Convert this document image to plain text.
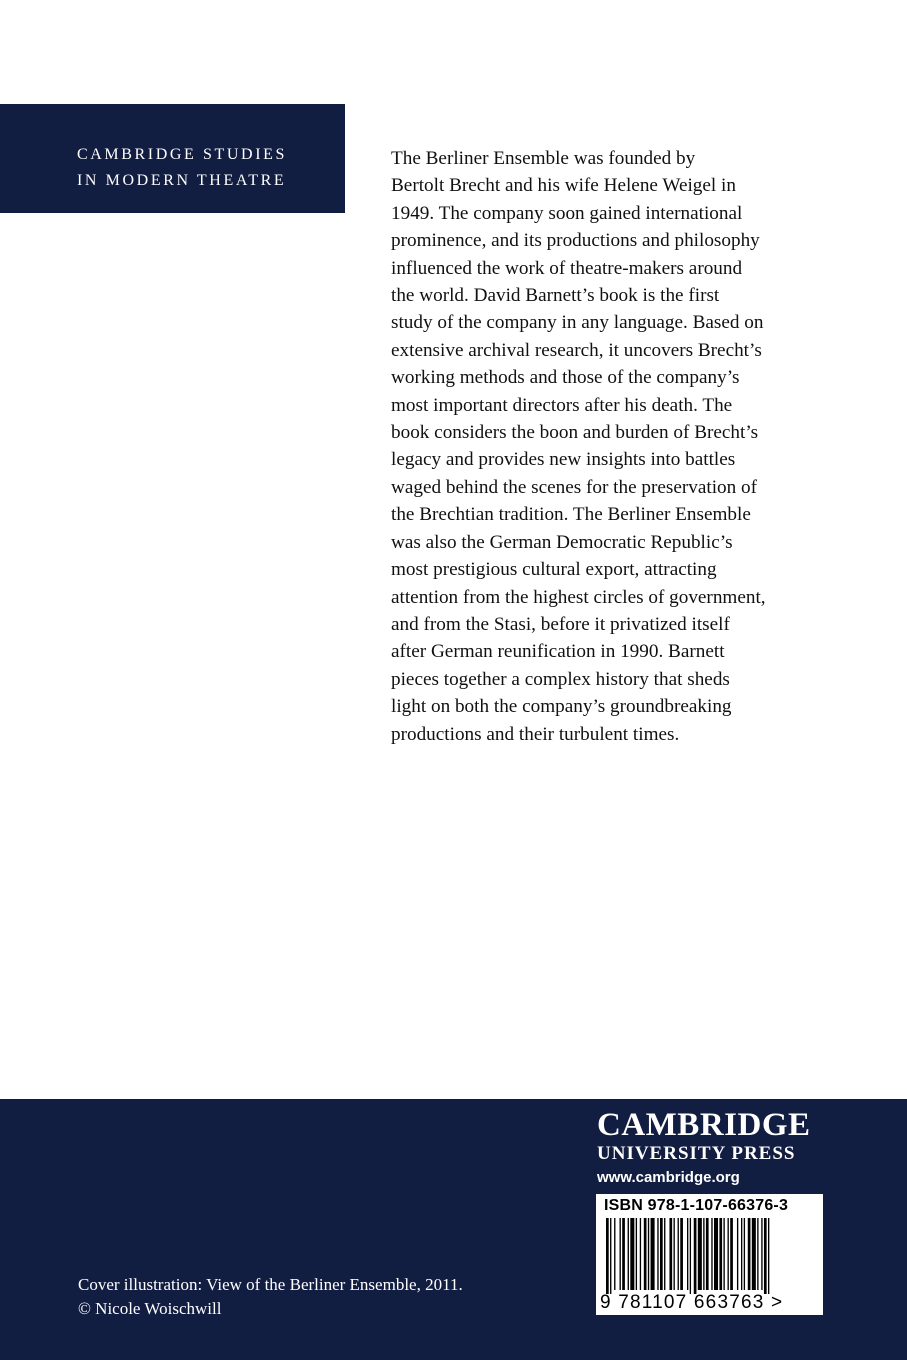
CAMBRIDGE STUDIES
IN MODERN THEATRE
The Berliner Ensemble was founded by
Bertolt Brecht and his wife Helene Weigel in
1949. The company soon gained international
prominence, and its productions and philosophy
influenced the work of theatre-makers around
the world. David Barnett’s book is the first
study of the company in any language. Based on
extensive archival research, it uncovers Brecht’s
working methods and those of the company’s
most important directors after his death. The
book considers the boon and burden of Brecht’s
legacy and provides new insights into battles
waged behind the scenes for the preservation of
the Brechtian tradition. The Berliner Ensemble
was also the German Democratic Republic’s
most prestigious cultural export, attracting
attention from the highest circles of government,
and from the Stasi, before it privatized itself
after German reunification in 1990. Barnett
pieces together a complex history that sheds
light on both the company’s groundbreaking
productions and their turbulent times.
Cover illustration: View of the Berliner Ensemble, 2011.
© Nicole Woischwill
CAMBRIDGE
UNIVERSITY PRESS
www.cambridge.org
ISBN 978-1-107-66376-3
9 781107 663763 >
